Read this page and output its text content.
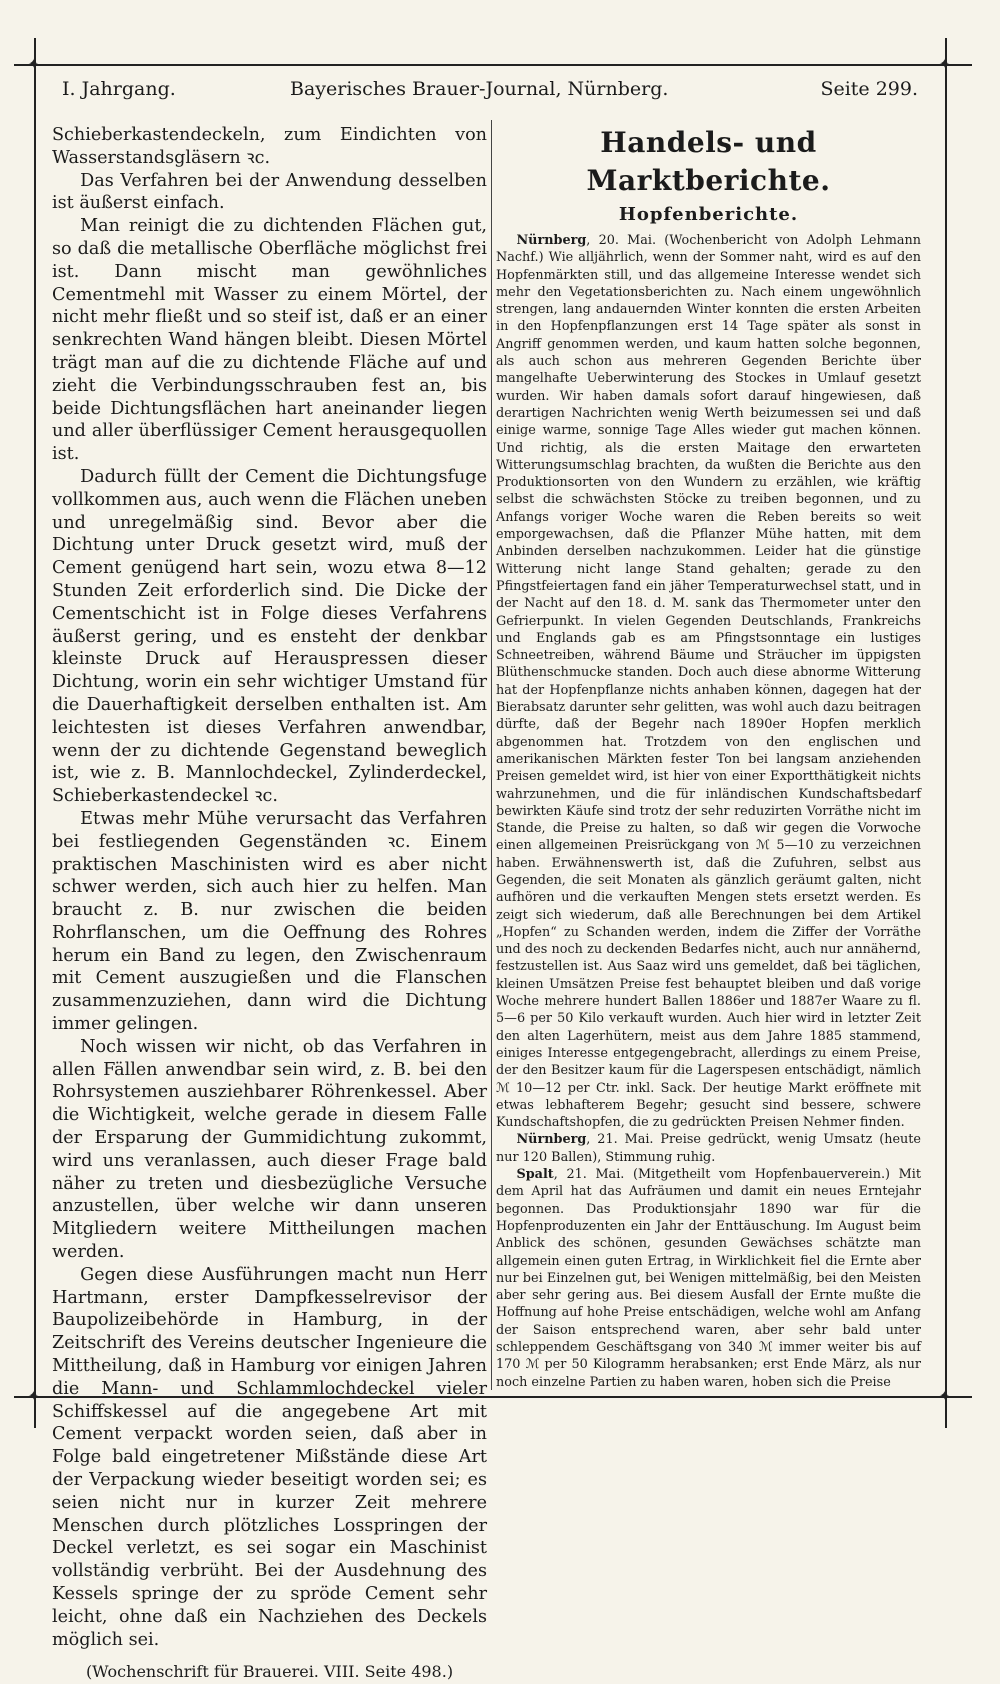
✦	✦
✦	✦
I. Jahrgang.	Bayerisches Brauer-Journal, Nürnberg.	Seite 299.

Schieberkastendeckeln, zum Eindichten von Wasserstandsgläsern ꝛc.

Das Verfahren bei der Anwendung desselben ist äußerst einfach.

Man reinigt die zu dichtenden Flächen gut, so daß die metallische Oberfläche möglichst frei ist. Dann mischt man gewöhnliches Cementmehl mit Wasser zu einem Mörtel, der nicht mehr fließt und so steif ist, daß er an einer senkrechten Wand hängen bleibt. Diesen Mörtel trägt man auf die zu dichtende Fläche auf und zieht die Verbindungsschrauben fest an, bis beide Dichtungsflächen hart aneinander liegen und aller überflüssiger Cement herausgequollen ist.

Dadurch füllt der Cement die Dichtungsfuge vollkommen aus, auch wenn die Flächen uneben und unregelmäßig sind. Bevor aber die Dichtung unter Druck gesetzt wird, muß der Cement genügend hart sein, wozu etwa 8—12 Stunden Zeit erforderlich sind. Die Dicke der Cementschicht ist in Folge dieses Verfahrens äußerst gering, und es ensteht der denkbar kleinste Druck auf Herauspressen dieser Dichtung, worin ein sehr wichtiger Umstand für die Dauerhaftigkeit derselben enthalten ist. Am leichtesten ist dieses Verfahren anwendbar, wenn der zu dichtende Gegenstand beweglich ist, wie z. B. Mannlochdeckel, Zylinderdeckel, Schieberkastendeckel ꝛc.

Etwas mehr Mühe verursacht das Verfahren bei festliegenden Gegenständen ꝛc. Einem praktischen Maschinisten wird es aber nicht schwer werden, sich auch hier zu helfen. Man braucht z. B. nur zwischen die beiden Rohrflanschen, um die Oeffnung des Rohres herum ein Band zu legen, den Zwischenraum mit Cement auszugießen und die Flanschen zusammenzuziehen, dann wird die Dichtung immer gelingen.

Noch wissen wir nicht, ob das Verfahren in allen Fällen anwendbar sein wird, z. B. bei den Rohrsystemen ausziehbarer Röhrenkessel. Aber die Wichtigkeit, welche gerade in diesem Falle der Ersparung der Gummidichtung zukommt, wird uns veranlassen, auch dieser Frage bald näher zu treten und diesbezügliche Versuche anzustellen, über welche wir dann unseren Mitgliedern weitere Mittheilungen machen werden.

Gegen diese Ausführungen macht nun Herr Hartmann, erster Dampfkesselrevisor der Baupolizeibehörde in Hamburg, in der Zeitschrift des Vereins deutscher Ingenieure die Mittheilung, daß in Hamburg vor einigen Jahren die Mann- und Schlammlochdeckel vieler Schiffskessel auf die angegebene Art mit Cement verpackt worden seien, daß aber in Folge bald eingetretener Mißstände diese Art der Verpackung wieder beseitigt worden sei; es seien nicht nur in kurzer Zeit mehrere Menschen durch plötzliches Losspringen der Deckel verletzt, es sei sogar ein Maschinist vollständig verbrüht. Bei der Ausdehnung des Kessels springe der zu spröde Cement sehr leicht, ohne daß ein Nachziehen des Deckels möglich sei.

(Wochenschrift für Brauerei. VIII. Seite 498.)

Handels- und Marktberichte.
Hopfenberichte.

Nürnberg, 20. Mai. (Wochenbericht von Adolph Lehmann Nachf.) Wie alljährlich, wenn der Sommer naht, wird es auf den Hopfenmärkten still, und das allgemeine Interesse wendet sich mehr den Vegetationsberichten zu. Nach einem ungewöhnlich strengen, lang andauernden Winter konnten die ersten Arbeiten in den Hopfenpflanzungen erst 14 Tage später als sonst in Angriff genommen werden, und kaum hatten solche begonnen, als auch schon aus mehreren Gegenden Berichte über mangelhafte Ueberwinterung des Stockes in Umlauf gesetzt wurden. Wir haben damals sofort darauf hingewiesen, daß derartigen Nachrichten wenig Werth beizumessen sei und daß einige warme, sonnige Tage Alles wieder gut machen können. Und richtig, als die ersten Maitage den erwarteten Witterungsumschlag brachten, da wußten die Berichte aus den Produktionsorten von den Wundern zu erzählen, wie kräftig selbst die schwächsten Stöcke zu treiben begonnen, und zu Anfangs voriger Woche waren die Reben bereits so weit emporgewachsen, daß die Pflanzer Mühe hatten, mit dem Anbinden derselben nachzukommen. Leider hat die günstige Witterung nicht lange Stand gehalten; gerade zu den Pfingstfeiertagen fand ein jäher Temperaturwechsel statt, und in der Nacht auf den 18. d. M. sank das Thermometer unter den Gefrierpunkt. In vielen Gegenden Deutschlands, Frankreichs und Englands gab es am Pfingstsonntage ein lustiges Schneetreiben, während Bäume und Sträucher im üppigsten Blüthenschmucke standen. Doch auch diese abnorme Witterung hat der Hopfenpflanze nichts anhaben können, dagegen hat der Bierabsatz darunter sehr gelitten, was wohl auch dazu beitragen dürfte, daß der Begehr nach 1890er Hopfen merklich abgenommen hat. Trotzdem von den englischen und amerikanischen Märkten fester Ton bei langsam anziehenden Preisen gemeldet wird, ist hier von einer Exportthätigkeit nichts wahrzunehmen, und die für inländischen Kundschaftsbedarf bewirkten Käufe sind trotz der sehr reduzirten Vorräthe nicht im Stande, die Preise zu halten, so daß wir gegen die Vorwoche einen allgemeinen Preisrückgang von ℳ 5—10 zu verzeichnen haben. Erwähnenswerth ist, daß die Zufuhren, selbst aus Gegenden, die seit Monaten als gänzlich geräumt galten, nicht aufhören und die verkauften Mengen stets ersetzt werden. Es zeigt sich wiederum, daß alle Berechnungen bei dem Artikel „Hopfen“ zu Schanden werden, indem die Ziffer der Vorräthe und des noch zu deckenden Bedarfes nicht, auch nur annähernd, festzustellen ist. Aus Saaz wird uns gemeldet, daß bei täglichen, kleinen Umsätzen Preise fest behauptet bleiben und daß vorige Woche mehrere hundert Ballen 1886er und 1887er Waare zu fl. 5—6 per 50 Kilo verkauft wurden. Auch hier wird in letzter Zeit den alten Lagerhütern, meist aus dem Jahre 1885 stammend, einiges Interesse entgegengebracht, allerdings zu einem Preise, der den Besitzer kaum für die Lagerspesen entschädigt, nämlich ℳ 10—12 per Ctr. inkl. Sack. Der heutige Markt eröffnete mit etwas lebhafterem Begehr; gesucht sind bessere, schwere Kundschaftshopfen, die zu gedrückten Preisen Nehmer finden.

Nürnberg, 21. Mai. Preise gedrückt, wenig Umsatz (heute nur 120 Ballen), Stimmung ruhig.

Spalt, 21. Mai. (Mitgetheilt vom Hopfenbauerverein.) Mit dem April hat das Aufräumen und damit ein neues Erntejahr begonnen. Das Produktionsjahr 1890 war für die Hopfenproduzenten ein Jahr der Enttäuschung. Im August beim Anblick des schönen, gesunden Gewächses schätzte man allgemein einen guten Ertrag, in Wirklichkeit fiel die Ernte aber nur bei Einzelnen gut, bei Wenigen mittelmäßig, bei den Meisten aber sehr gering aus. Bei diesem Ausfall der Ernte mußte die Hoffnung auf hohe Preise entschädigen, welche wohl am Anfang der Saison entsprechend waren, aber sehr bald unter schleppendem Geschäftsgang von 340 ℳ immer weiter bis auf 170 ℳ per 50 Kilogramm herabsanken; erst Ende März, als nur noch einzelne Partien zu haben waren, hoben sich die Preise
